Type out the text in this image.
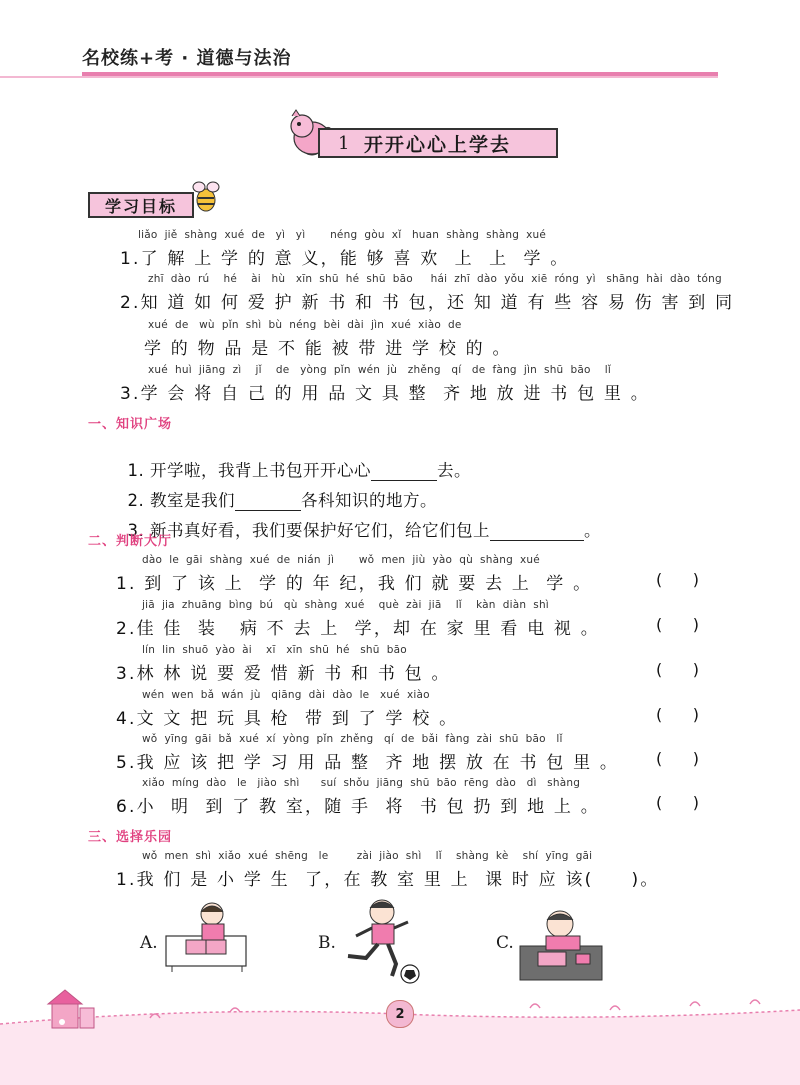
名校练+考 · 道德与法治
1 开开心心上学去
学习目标
liǎo  jiě  shàng  xué  de   yì   yì       néng  gòu  xǐ   huan  shàng  shàng  xué
1.了 解 上 学 的 意 义，能 够 喜 欢  上  上  学 。
zhī  dào  rú    hé    ài   hù   xīn  shū  hé  shū  bāo     hái  zhī  dào  yǒu  xiē  róng  yì   shāng  hài  dào  tóng
2.知 道 如 何 爱 护 新 书 和 书 包，还 知 道 有 些 容 易 伤 害 到 同
xué  de   wù  pǐn  shì  bù  néng  bèi  dài  jìn  xué  xiào  de
学 的 物 品 是 不 能 被 带 进 学 校 的 。
xué  huì  jiāng  zì    jǐ    de   yòng  pǐn  wén  jù   zhěng   qí   de  fàng  jìn  shū  bāo    lǐ
3.学 会 将 自 己 的 用 品 文 具 整  齐 地 放 进 书 包 里 。
一、知识广场

1. 开学啦，我背上书包开开心心	去。

2. 教室是我们	各科知识的地方。

3. 新书真好看，我们要保护好它们，给它们包上	。

二、判断大厅
dào  le  gāi  shàng  xué  de  nián  jì       wǒ  men  jiù  yào  qù  shàng  xué
1. 到 了 该 上  学 的 年 纪，我 们 就 要 去 上  学 。	(      )
jiā  jia  zhuāng  bìng  bú   qù  shàng  xué    què  zài  jiā    lǐ    kàn  diàn  shì
2.佳 佳  装   病 不 去 上  学，却 在 家 里 看 电 视 。	(      )
lín  lin  shuō  yào  ài    xī   xīn  shū  hé   shū  bāo
3.林 林 说 要 爱 惜 新 书 和 书 包 。	(      )
wén  wen  bǎ  wán  jù   qiāng  dài  dào  le   xué  xiào
4.文 文 把 玩 具 枪  带 到 了 学 校 。	(      )
wǒ  yīng  gāi  bǎ  xué  xí  yòng  pǐn  zhěng   qí  de  bǎi  fàng  zài  shū  bāo   lǐ
5.我 应 该 把 学 习 用 品 整  齐 地 摆 放 在 书 包 里 。 (      )
xiǎo  míng  dào   le   jiào  shì      suí  shǒu  jiāng  shū  bāo  rēng  dào   dì   shàng
6.小  明  到 了 教 室，随 手  将  书 包 扔 到 地 上 。	(      )
三、选择乐园
wǒ  men  shì  xiǎo  xué  shēng   le        zài  jiào  shì    lǐ    shàng  kè    shí  yīng  gāi
1.我 们 是 小 学 生  了，在 教 室 里 上  课 时 应 该(     )。
A.	B.	C.
2
